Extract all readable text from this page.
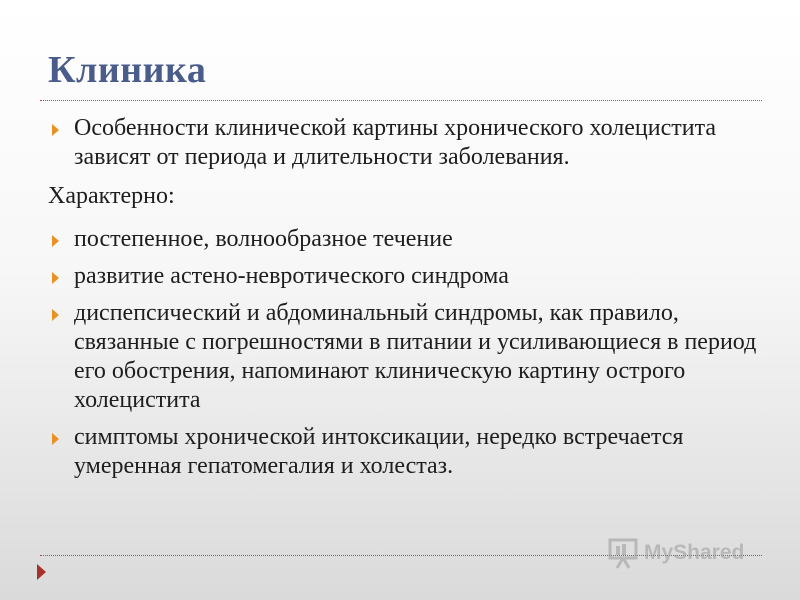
Клиника
Особенности клинической картины хронического холецистита зависят от периода и длительности заболевания.
Характерно:
постепенное, волнообразное течение
развитие астено-невротического синдрома
диспепсический и абдоминальный синдромы, как правило, связанные с погрешностями в питании и усиливающиеся в период его обострения, напоминают клиническую картину острого холецистита
симптомы хронической интоксикации, нередко встречается умеренная гепатомегалия и холестаз.
MyShared
